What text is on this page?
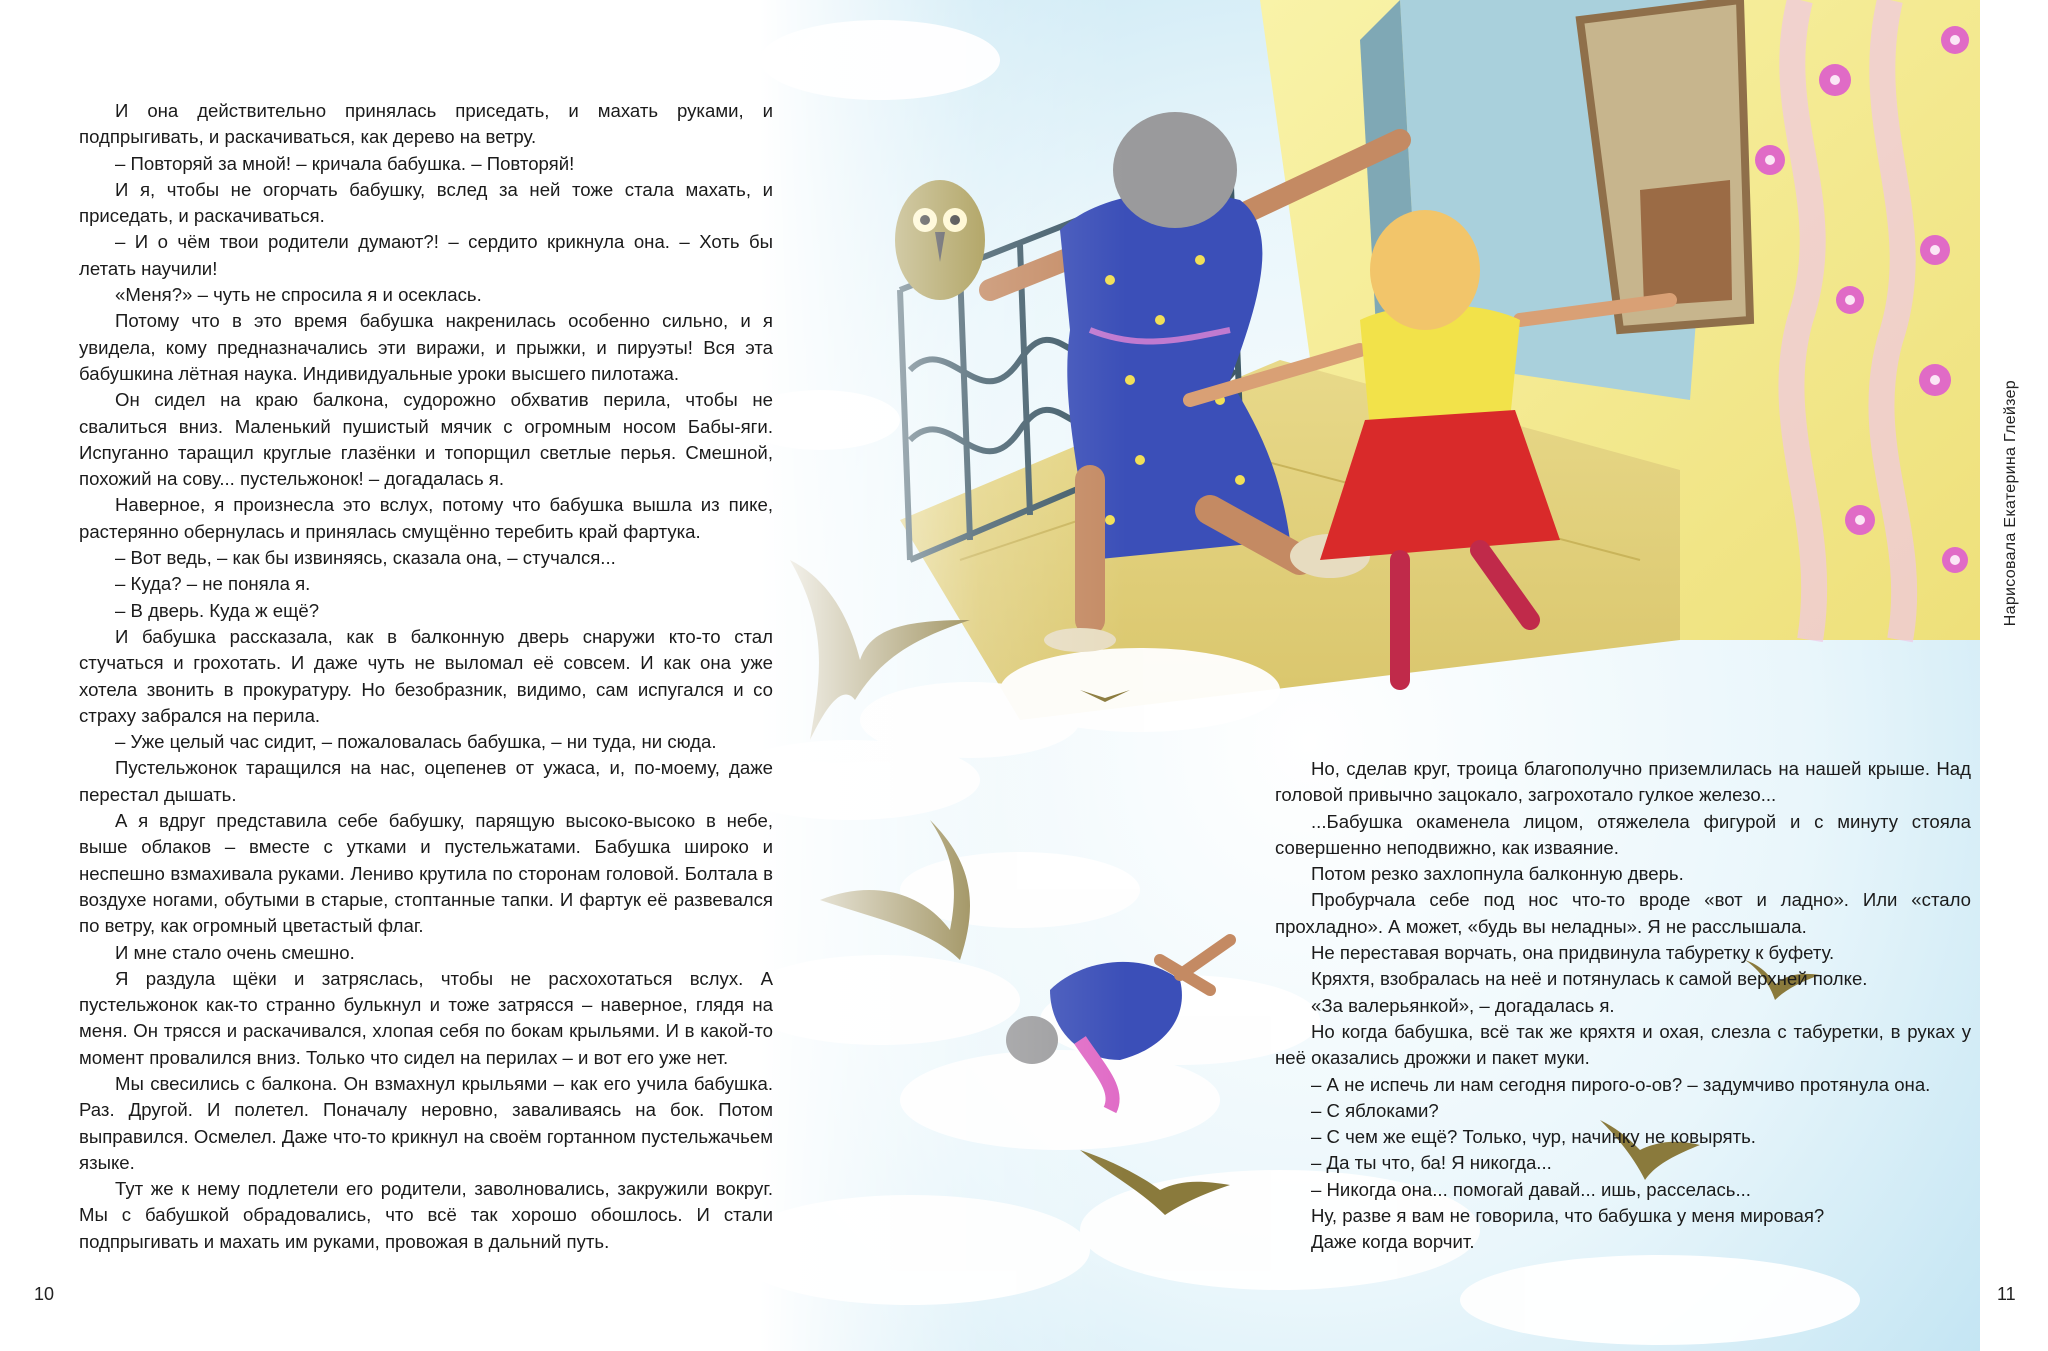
И она действительно принялась приседать, и махать руками, и подпрыгивать, и раскачиваться, как дерево на ветру.

– Повторяй за мной! – кричала бабушка. – Повторяй!

И я, чтобы не огорчать бабушку, вслед за ней тоже стала махать, и приседать, и раскачиваться.

– И о чём твои родители думают?! – сердито крикнула она. – Хоть бы летать научили!

«Меня?» – чуть не спросила я и осеклась.

Потому что в это время бабушка накренилась особенно сильно, и я увидела, кому предназначались эти виражи, и прыжки, и пируэты! Вся эта бабушкина лётная наука. Индивидуальные уроки высшего пилотажа.

Он сидел на краю балкона, судорожно обхватив перила, чтобы не свалиться вниз. Маленький пушистый мячик с огромным носом Бабы-яги. Испуганно таращил круглые глазёнки и топорщил светлые перья. Смешной, похожий на сову... пустельжонок! – догадалась я.

Наверное, я произнесла это вслух, потому что бабушка вышла из пике, растерянно обернулась и принялась смущённо теребить край фартука.

– Вот ведь, – как бы извиняясь, сказала она, – стучался...

– Куда? – не поняла я.

– В дверь. Куда ж ещё?

И бабушка рассказала, как в балконную дверь снаружи кто-то стал стучаться и грохотать. И даже чуть не выломал её совсем. И как она уже хотела звонить в прокуратуру. Но безобразник, видимо, сам испугался и со страху забрался на перила.

– Уже целый час сидит, – пожаловалась бабушка, – ни туда, ни сюда.

Пустельжонок таращился на нас, оцепенев от ужаса, и, по-моему, даже перестал дышать.

А я вдруг представила себе бабушку, парящую высоко-высоко в небе, выше облаков – вместе с утками и пустельжатами. Бабушка широко и неспешно взмахивала руками. Лениво крутила по сторонам головой. Болтала в воздухе ногами, обутыми в старые, стоптанные тапки. И фартук её развевался по ветру, как огромный цветастый флаг.

И мне стало очень смешно.

Я раздула щёки и затряслась, чтобы не расхохотаться вслух. А пустельжонок как-то странно булькнул и тоже затрясся – наверное, глядя на меня. Он трясся и раскачивался, хлопая себя по бокам крыльями. И в какой-то момент провалился вниз. Только что сидел на перилах – и вот его уже нет.

Мы свесились с балкона. Он взмахнул крыльями – как его учила бабушка. Раз. Другой. И полетел. Поначалу неровно, заваливаясь на бок. Потом выправился. Осмелел. Даже что-то крикнул на своём гортанном пустельжачьем языке.

Тут же к нему подлетели его родители, заволновались, закружили вокруг. Мы с бабушкой обрадовались, что всё так хорошо обошлось. И стали подпрыгивать и махать им руками, провожая в дальний путь.

Но, сделав круг, троица благополучно приземлилась на нашей крыше. Над головой привычно зацокало, загрохотало гулкое железо...

...Бабушка окаменела лицом, отяжелела фигурой и с минуту стояла совершенно неподвижно, как изваяние.

Потом резко захлопнула балконную дверь.

Пробурчала себе под нос что-то вроде «вот и ладно». Или «стало прохладно». А может, «будь вы неладны». Я не расслышала.

Не переставая ворчать, она придвинула табуретку к буфету.

Кряхтя, взобралась на неё и потянулась к самой верхней полке.

«За валерьянкой», – догадалась я.

Но когда бабушка, всё так же кряхтя и охая, слезла с табуретки, в руках у неё оказались дрожжи и пакет муки.

– А не испечь ли нам сегодня пирого-о-ов? – задумчиво протянула она.

– С яблоками?

– С чем же ещё? Только, чур, начинку не ковырять.

– Да ты что, ба! Я никогда...

– Никогда она... помогай давай... ишь, расселась...

Ну, разве я вам не говорила, что бабушка у меня мировая?

Даже когда ворчит.

Нарисовала Екатерина Глейзер
10	11
